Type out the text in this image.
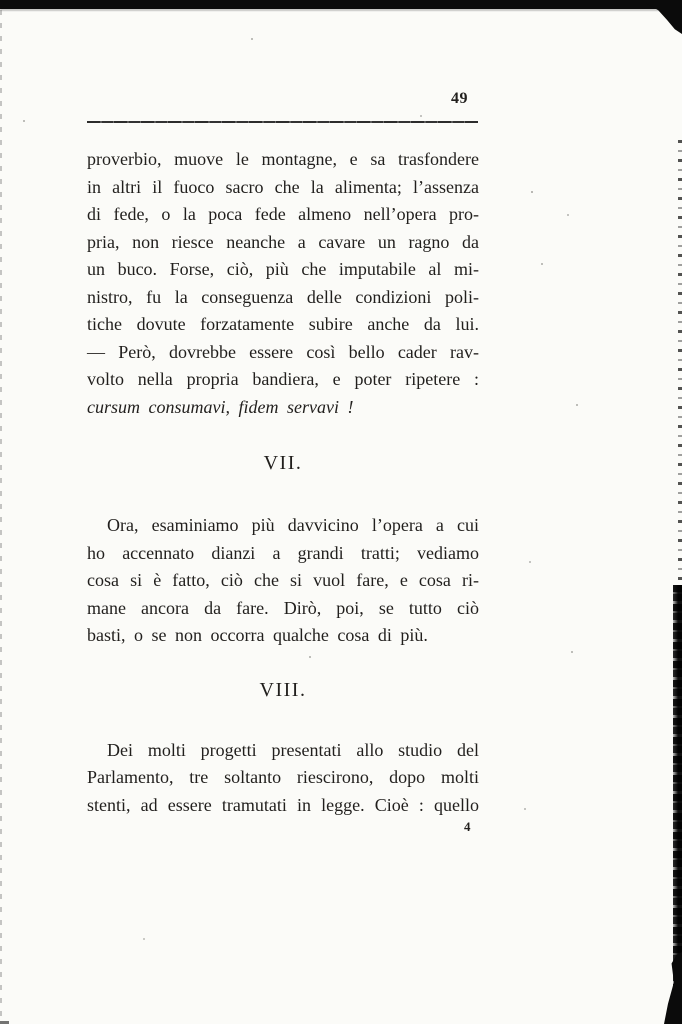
49

proverbio, muove le montagne, e sa trasfondere

in altri il fuoco sacro che la alimenta; l’assenza

di fede, o la poca fede almeno nell’opera pro-

pria, non riesce neanche a cavare un ragno da

un buco. Forse, ciò, più che imputabile al mi-

nistro, fu la conseguenza delle condizioni poli-

tiche dovute forzatamente subire anche da lui.

— Però, dovrebbe essere così bello cader rav-

volto nella propria bandiera, e poter ripetere :

cursum consumavi, fidem servavi !

VII.

Ora, esaminiamo più davvicino l’opera a cui

ho accennato dianzi a grandi tratti; vediamo

cosa si è fatto, ciò che si vuol fare, e cosa ri-

mane ancora da fare. Dirò, poi, se tutto ciò

basti, o se non occorra qualche cosa di più.

VIII.

Dei molti progetti presentati allo studio del

Parlamento, tre soltanto riescirono, dopo molti

stenti, ad essere tramutati in legge. Cioè : quello

4
